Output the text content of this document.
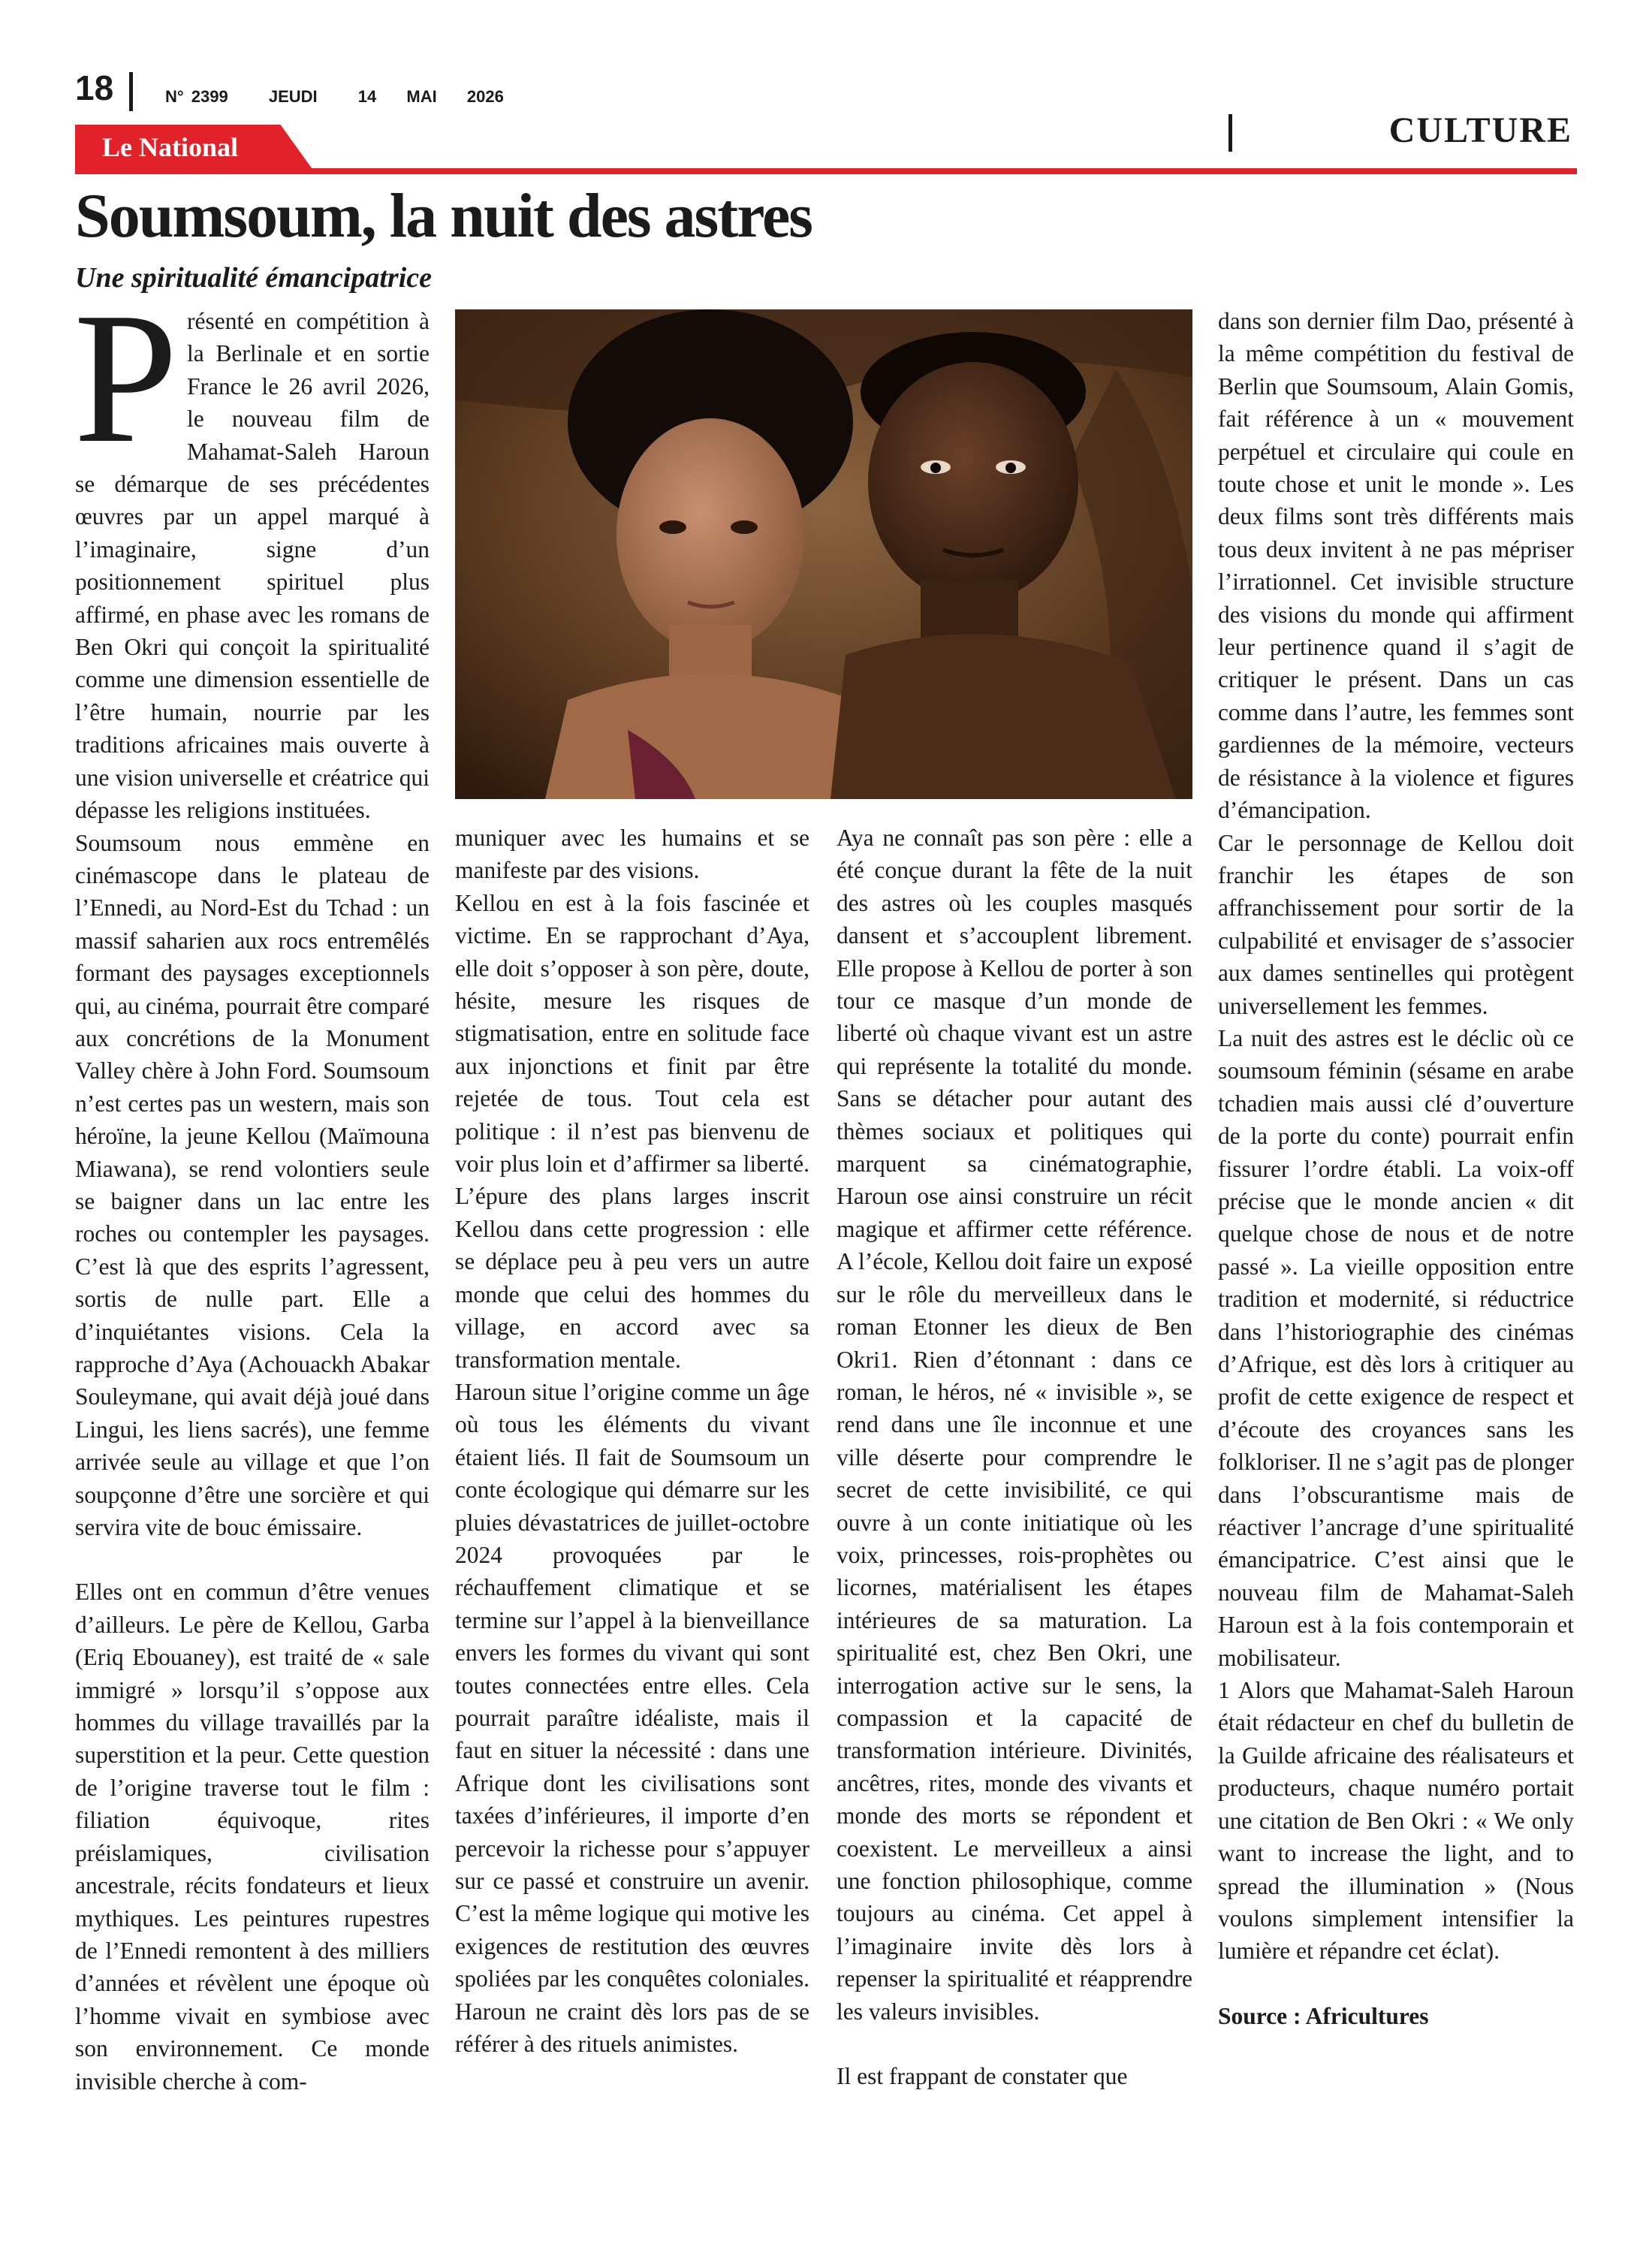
18	N° 2399 JEUDI 14 MAI 2026
CULTURE
Le National
Soumsoum, la nuit des astres
Une spiritualité émancipatrice

Présenté en compétition à la Berlinale et en sortie France le 26 avril 2026, le nouveau film de Mahamat-Saleh Haroun se démarque de ses précédentes œuvres par un appel marqué à l’imaginaire, signe d’un positionnement spirituel plus affirmé, en phase avec les romans de Ben Okri qui conçoit la spiritualité comme une dimension essentielle de l’être humain, nourrie par les traditions africaines mais ouverte à une vision universelle et créatrice qui dépasse les religions instituées.

Soumsoum nous emmène en cinémascope dans le plateau de l’Ennedi, au Nord-Est du Tchad : un massif saharien aux rocs entremêlés formant des paysages exceptionnels qui, au cinéma, pourrait être comparé aux concrétions de la Monument Valley chère à John Ford. Soumsoum n’est certes pas un western, mais son héroïne, la jeune Kellou (Maïmouna Miawana), se rend volontiers seule se baigner dans un lac entre les roches ou contempler les paysages. C’est là que des esprits l’agressent, sortis de nulle part. Elle a d’inquiétantes visions. Cela la rapproche d’Aya (Achouackh Abakar Souleymane, qui avait déjà joué dans Lingui, les liens sacrés), une femme arrivée seule au village et que l’on soupçonne d’être une sorcière et qui servira vite de bouc émissaire.

Elles ont en commun d’être venues d’ailleurs. Le père de Kellou, Garba (Eriq Ebouaney), est traité de « sale immigré » lorsqu’il s’oppose aux hommes du village travaillés par la superstition et la peur. Cette question de l’origine traverse tout le film : filiation équivoque, rites préislamiques, civilisation ancestrale, récits fondateurs et lieux mythiques. Les peintures rupestres de l’Ennedi remontent à des milliers d’années et révèlent une époque où l’homme vivait en symbiose avec son environnement. Ce monde invisible cherche à com-

muniquer avec les humains et se manifeste par des visions.

Kellou en est à la fois fascinée et victime. En se rapprochant d’Aya, elle doit s’opposer à son père, doute, hésite, mesure les risques de stigmatisation, entre en solitude face aux injonctions et finit par être rejetée de tous. Tout cela est politique : il n’est pas bienvenu de voir plus loin et d’affirmer sa liberté. L’épure des plans larges inscrit Kellou dans cette progression : elle se déplace peu à peu vers un autre monde que celui des hommes du village, en accord avec sa transformation mentale.

Haroun situe l’origine comme un âge où tous les éléments du vivant étaient liés. Il fait de Soumsoum un conte écologique qui démarre sur les pluies dévastatrices de juillet-octobre 2024 provoquées par le réchauffement climatique et se termine sur l’appel à la bienveillance envers les formes du vivant qui sont toutes connectées entre elles. Cela pourrait paraître idéaliste, mais il faut en situer la nécessité : dans une Afrique dont les civilisations sont taxées d’inférieures, il importe d’en percevoir la richesse pour s’appuyer sur ce passé et construire un avenir. C’est la même logique qui motive les exigences de restitution des œuvres spoliées par les conquêtes coloniales. Haroun ne craint dès lors pas de se référer à des rituels animistes.

Aya ne connaît pas son père : elle a été conçue durant la fête de la nuit des astres où les couples masqués dansent et s’accouplent librement. Elle propose à Kellou de porter à son tour ce masque d’un monde de liberté où chaque vivant est un astre qui représente la totalité du monde. Sans se détacher pour autant des thèmes sociaux et politiques qui marquent sa cinématographie, Haroun ose ainsi construire un récit magique et affirmer cette référence. A l’école, Kellou doit faire un exposé sur le rôle du merveilleux dans le roman Etonner les dieux de Ben Okri1. Rien d’étonnant : dans ce roman, le héros, né « invisible », se rend dans une île inconnue et une ville déserte pour comprendre le secret de cette invisibilité, ce qui ouvre à un conte initiatique où les voix, princesses, rois-prophètes ou licornes, matérialisent les étapes intérieures de sa maturation. La spiritualité est, chez Ben Okri, une interrogation active sur le sens, la compassion et la capacité de transformation intérieure. Divinités, ancêtres, rites, monde des vivants et monde des morts se répondent et coexistent. Le merveilleux a ainsi une fonction philosophique, comme toujours au cinéma. Cet appel à l’imaginaire invite dès lors à repenser la spiritualité et réapprendre les valeurs invisibles.

Il est frappant de constater que

dans son dernier film Dao, présenté à la même compétition du festival de Berlin que Soumsoum, Alain Gomis, fait référence à un « mouvement perpétuel et circulaire qui coule en toute chose et unit le monde ». Les deux films sont très différents mais tous deux invitent à ne pas mépriser l’irrationnel. Cet invisible structure des visions du monde qui affirment leur pertinence quand il s’agit de critiquer le présent. Dans un cas comme dans l’autre, les femmes sont gardiennes de la mémoire, vecteurs de résistance à la violence et figures d’émancipation.

Car le personnage de Kellou doit franchir les étapes de son affranchissement pour sortir de la culpabilité et envisager de s’associer aux dames sentinelles qui protègent universellement les femmes.

La nuit des astres est le déclic où ce soumsoum féminin (sésame en arabe tchadien mais aussi clé d’ouverture de la porte du conte) pourrait enfin fissurer l’ordre établi. La voix-off précise que le monde ancien « dit quelque chose de nous et de notre passé ». La vieille opposition entre tradition et modernité, si réductrice dans l’historiographie des cinémas d’Afrique, est dès lors à critiquer au profit de cette exigence de respect et d’écoute des croyances sans les folkloriser. Il ne s’agit pas de plonger dans l’obscurantisme mais de réactiver l’ancrage d’une spiritualité émancipatrice. C’est ainsi que le nouveau film de Mahamat-Saleh Haroun est à la fois contemporain et mobilisateur.

1 Alors que Mahamat-Saleh Haroun était rédacteur en chef du bulletin de la Guilde africaine des réalisateurs et producteurs, chaque numéro portait une citation de Ben Okri : « We only want to increase the light, and to spread the illumination » (Nous voulons simplement intensifier la lumière et répandre cet éclat).

Source : Africultures
